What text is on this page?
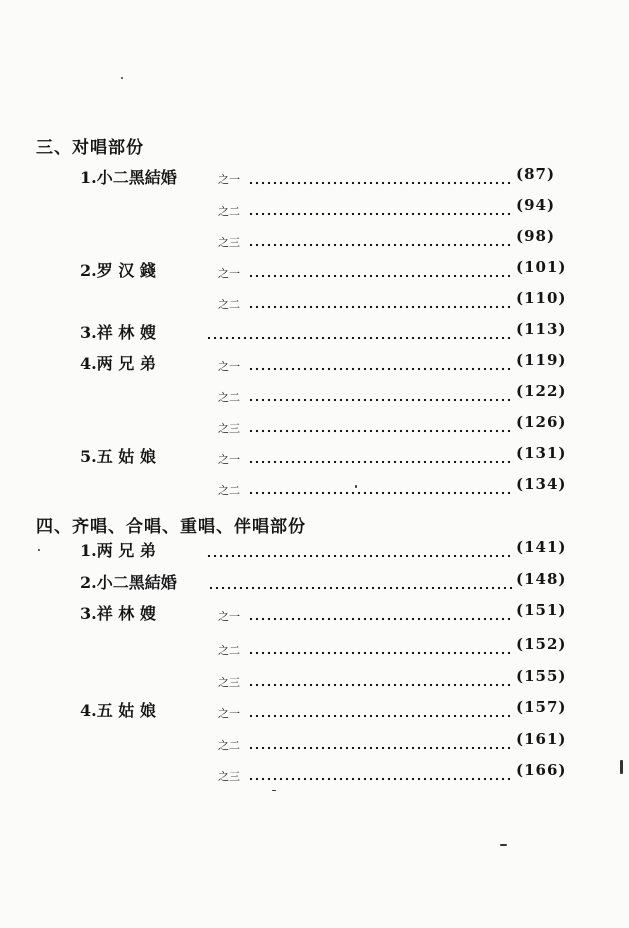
三、对唱部份
1.小二黑結婚	之一	(87)
之二	(94)
之三	(98)
2.罗 汉 錢	之一	(101)
之二	(110)
3.祥 林 嫂	(113)
4.两 兄 弟	之一	(119)
之二	(122)
之三	(126)
5.五 姑 娘	之一	(131)
之二	(134)
四、齐唱、合唱、重唱、伴唱部份
1.两 兄 弟	(141)
2.小二黑結婚	(148)
3.祥 林 嫂	之一	(151)
之二	(152)
之三	(155)
4.五 姑 娘	之一	(157)
之二	(161)
之三	(166)
